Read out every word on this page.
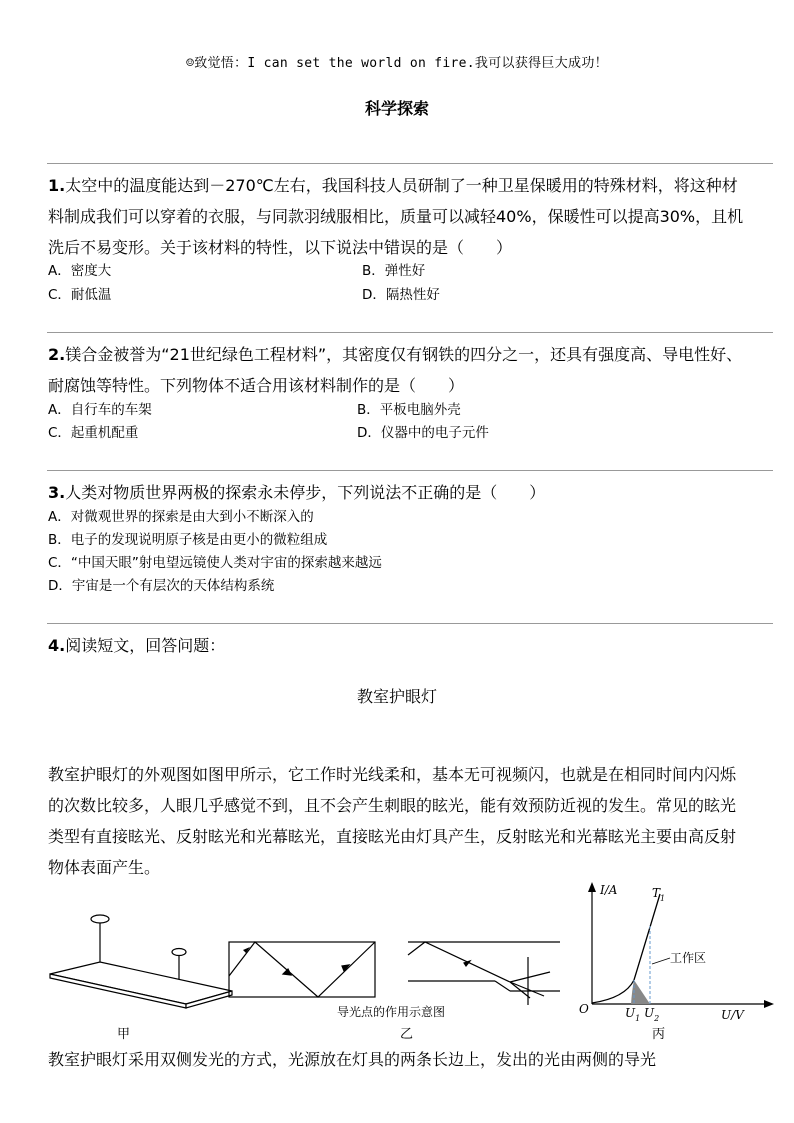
☺致觉悟：I can set the world on fire.我可以获得巨大成功！
科学探索
1.太空中的温度能达到－270℃左右，我国科技人员研制了一种卫星保暖用的特殊材料，将这种材料制成我们可以穿着的衣服，与同款羽绒服相比，质量可以减轻40%，保暖性可以提高30%，且机洗后不易变形。关于该材料的特性，以下说法中错误的是（　　）
A．密度大	B．弹性好
C．耐低温	D．隔热性好
2.镁合金被誉为“21世纪绿色工程材料”，其密度仅有钢铁的四分之一，还具有强度高、导电性好、耐腐蚀等特性。下列物体不适合用该材料制作的是（　　）
A．自行车的车架	B．平板电脑外壳
C．起重机配重	D．仪器中的电子元件
3.人类对物质世界两极的探索永未停步，下列说法不正确的是（　　）
A．对微观世界的探索是由大到小不断深入的
B．电子的发现说明原子核是由更小的微粒组成
C．“中国天眼”射电望远镜使人类对宇宙的探索越来越远
D．宇宙是一个有层次的天体结构系统
4.阅读短文，回答问题：
教室护眼灯
教室护眼灯的外观图如图甲所示，它工作时光线柔和，基本无可视频闪，也就是在相同时间内闪烁的次数比较多，人眼几乎感觉不到，且不会产生刺眼的眩光，能有效预防近视的发生。常见的眩光类型有直接眩光、反射眩光和光幕眩光，直接眩光由灯具产生，反射眩光和光幕眩光主要由高反射物体表面产生。
甲
导光点的作用示意图
乙
I/A
U/V
O
$T_1$
工作区
$U_1$ $U_2$
丙
教室护眼灯采用双侧发光的方式，光源放在灯具的两条长边上，发出的光由两侧的导光
